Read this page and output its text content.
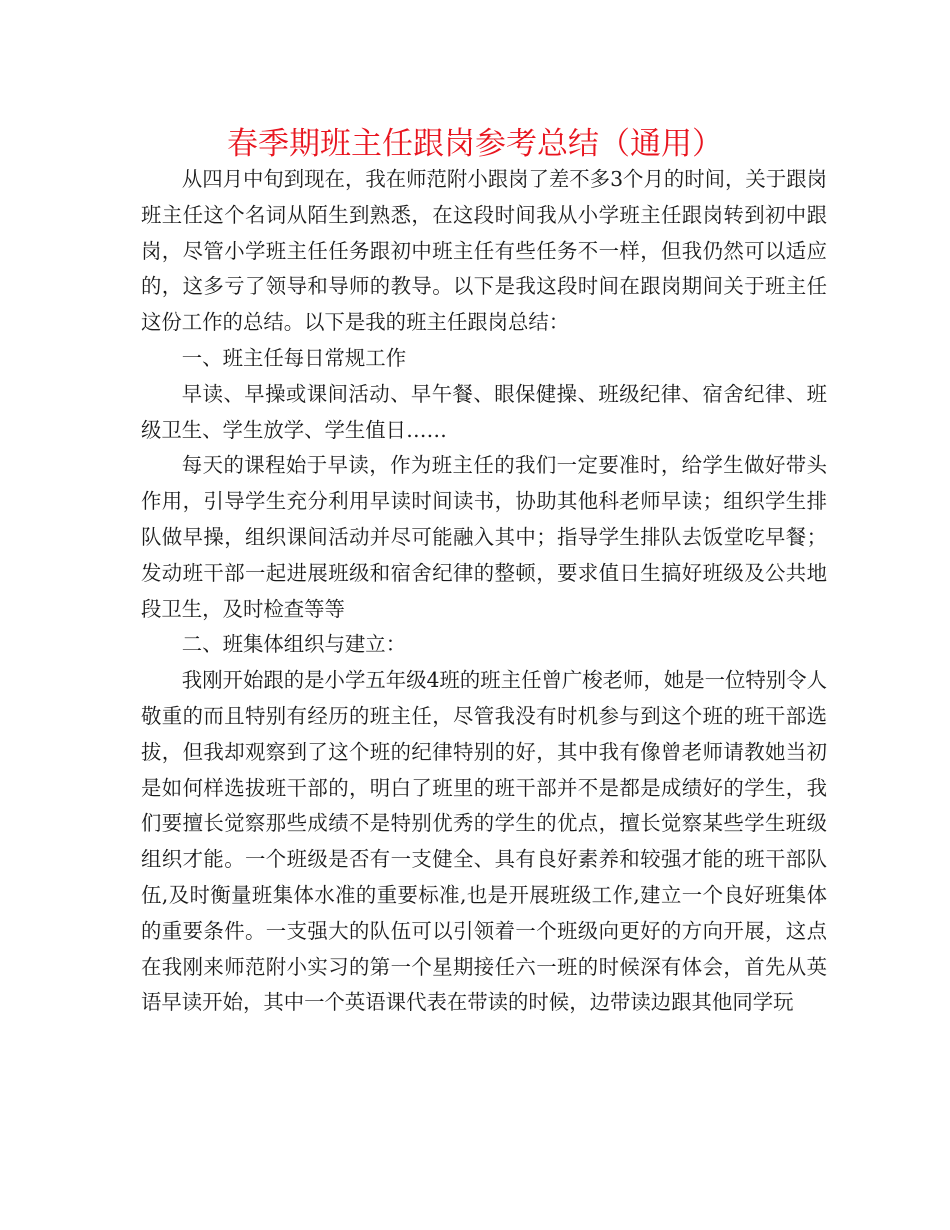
春季期班主任跟岗参考总结（通用）

从四月中旬到现在，我在师范附小跟岗了差不多3个月的时间，关于跟岗班主任这个名词从陌生到熟悉，在这段时间我从小学班主任跟岗转到初中跟岗，尽管小学班主任任务跟初中班主任有些任务不一样，但我仍然可以适应的，这多亏了领导和导师的教导。以下是我这段时间在跟岗期间关于班主任这份工作的总结。以下是我的班主任跟岗总结：

一、班主任每日常规工作

早读、早操或课间活动、早午餐、眼保健操、班级纪律、宿舍纪律、班级卫生、学生放学、学生值日……

每天的课程始于早读，作为班主任的我们一定要准时，给学生做好带头作用，引导学生充分利用早读时间读书，协助其他科老师早读；组织学生排队做早操，组织课间活动并尽可能融入其中；指导学生排队去饭堂吃早餐；发动班干部一起进展班级和宿舍纪律的整顿，要求值日生搞好班级及公共地段卫生，及时检查等等

二、班集体组织与建立：

我刚开始跟的是小学五年级4班的班主任曾广梭老师，她是一位特别令人敬重的而且特别有经历的班主任，尽管我没有时机参与到这个班的班干部选拔，但我却观察到了这个班的纪律特别的好，其中我有像曾老师请教她当初是如何样选拔班干部的，明白了班里的班干部并不是都是成绩好的学生，我们要擅长觉察那些成绩不是特别优秀的学生的优点，擅长觉察某些学生班级组织才能。一个班级是否有一支健全、具有良好素养和较强才能的班干部队伍,及时衡量班集体水准的重要标准,也是开展班级工作,建立一个良好班集体的重要条件。一支强大的队伍可以引领着一个班级向更好的方向开展，这点在我刚来师范附小实习的第一个星期接任六一班的时候深有体会，首先从英语早读开始，其中一个英语课代表在带读的时候，边带读边跟其他同学玩
